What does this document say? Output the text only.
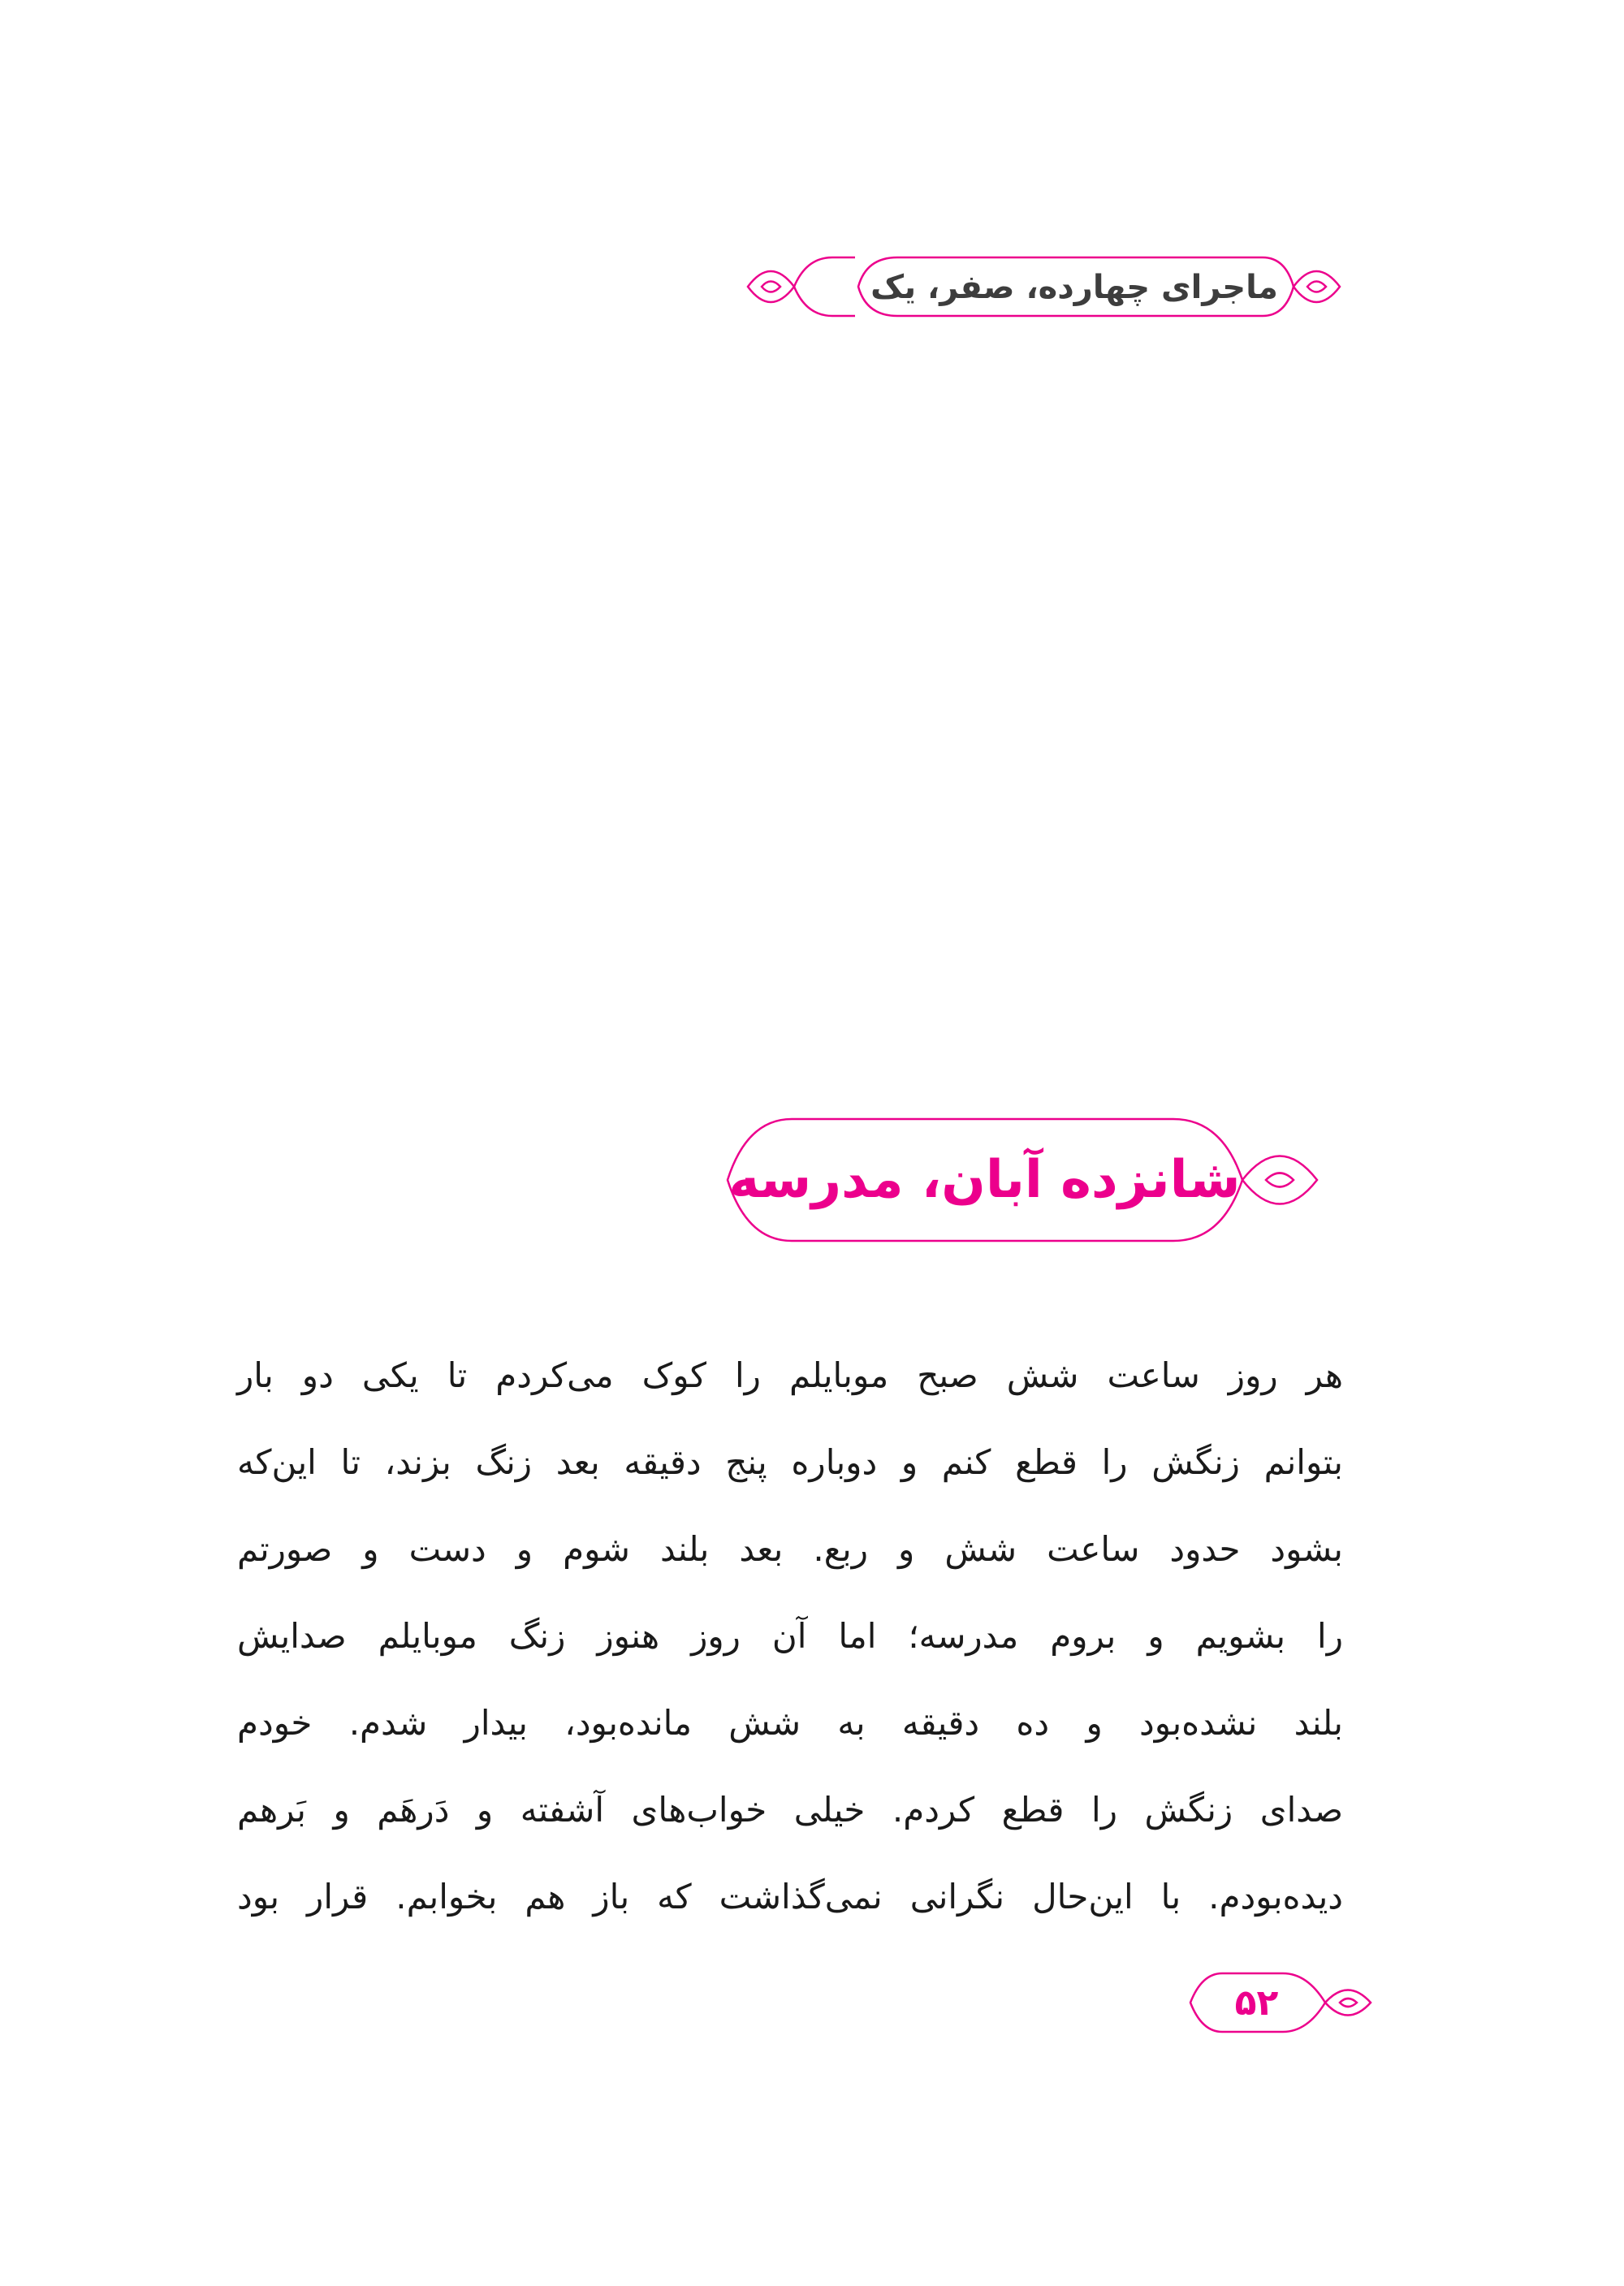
ماجرای چهارده، صفر، یک
شانزده آبان، مدرسه
هر روز ساعت شش صبح موبایلم را کوک می‌کردم تا یکی دو بار
بتوانم زنگش را قطع کنم و دوباره پنج دقیقه بعد زنگ بزند، تا این‌که
بشود حدود ساعت شش و ربع. بعد بلند شوم و دست و صورتم
را بشویم و بروم مدرسه؛ اما آن روز هنوز زنگ موبایلم صدایش
بلند نشده‌بود و ده دقیقه به شش مانده‌بود، بیدار شدم. خودم
صدای زنگش را قطع کردم. خیلی خواب‌های آشفته و دَرهَم و بَرهم
دیده‌بودم. با این‌حال نگرانی نمی‌گذاشت که باز هم بخوابم. قرار بود
۵۲
